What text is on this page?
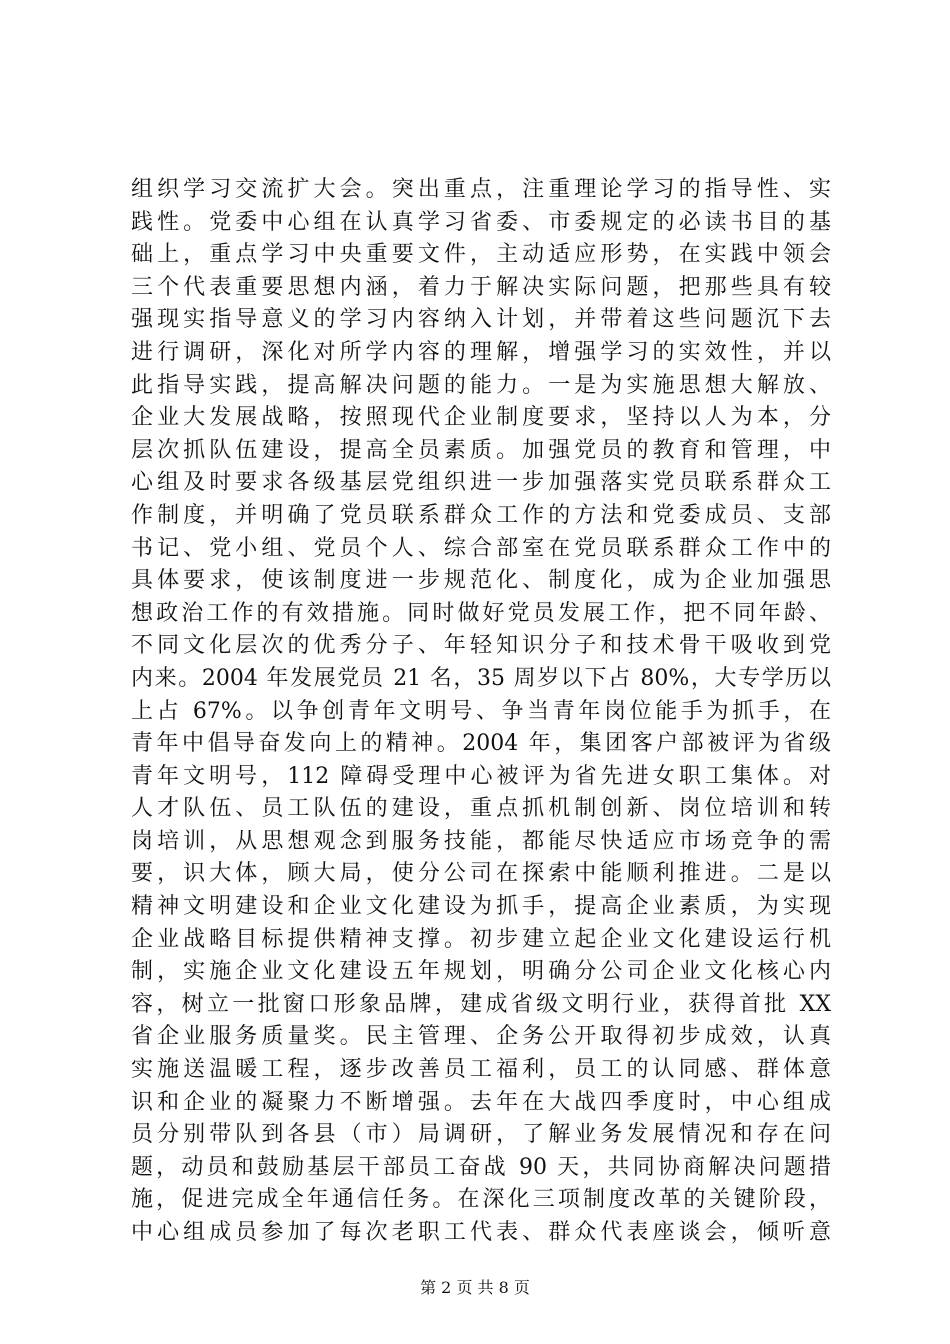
组织学习交流扩大会。突出重点，注重理论学习的指导性、实
践性。党委中心组在认真学习省委、市委规定的必读书目的基
础上，重点学习中央重要文件，主动适应形势，在实践中领会
三个代表重要思想内涵，着力于解决实际问题，把那些具有较
强现实指导意义的学习内容纳入计划，并带着这些问题沉下去
进行调研，深化对所学内容的理解，增强学习的实效性，并以
此指导实践，提高解决问题的能力。一是为实施思想大解放、
企业大发展战略，按照现代企业制度要求，坚持以人为本，分
层次抓队伍建设，提高全员素质。加强党员的教育和管理，中
心组及时要求各级基层党组织进一步加强落实党员联系群众工
作制度，并明确了党员联系群众工作的方法和党委成员、支部
书记、党小组、党员个人、综合部室在党员联系群众工作中的
具体要求，使该制度进一步规范化、制度化，成为企业加强思
想政治工作的有效措施。同时做好党员发展工作，把不同年龄、
不同文化层次的优秀分子、年轻知识分子和技术骨干吸收到党
内来。2004 年发展党员 21 名，35 周岁以下占 80%，大专学历以
上占 67%。以争创青年文明号、争当青年岗位能手为抓手，在
青年中倡导奋发向上的精神。2004 年，集团客户部被评为省级
青年文明号，112 障碍受理中心被评为省先进女职工集体。对
人才队伍、员工队伍的建设，重点抓机制创新、岗位培训和转
岗培训，从思想观念到服务技能，都能尽快适应市场竞争的需
要，识大体，顾大局，使分公司在探索中能顺利推进。二是以
精神文明建设和企业文化建设为抓手，提高企业素质，为实现
企业战略目标提供精神支撑。初步建立起企业文化建设运行机
制，实施企业文化建设五年规划，明确分公司企业文化核心内
容，树立一批窗口形象品牌，建成省级文明行业，获得首批 XX
省企业服务质量奖。民主管理、企务公开取得初步成效，认真
实施送温暖工程，逐步改善员工福利，员工的认同感、群体意
识和企业的凝聚力不断增强。去年在大战四季度时，中心组成
员分别带队到各县（市）局调研，了解业务发展情况和存在问
题，动员和鼓励基层干部员工奋战 90 天，共同协商解决问题措
施，促进完成全年通信任务。在深化三项制度改革的关键阶段，
中心组成员参加了每次老职工代表、群众代表座谈会，倾听意
第 2 页 共 8 页
